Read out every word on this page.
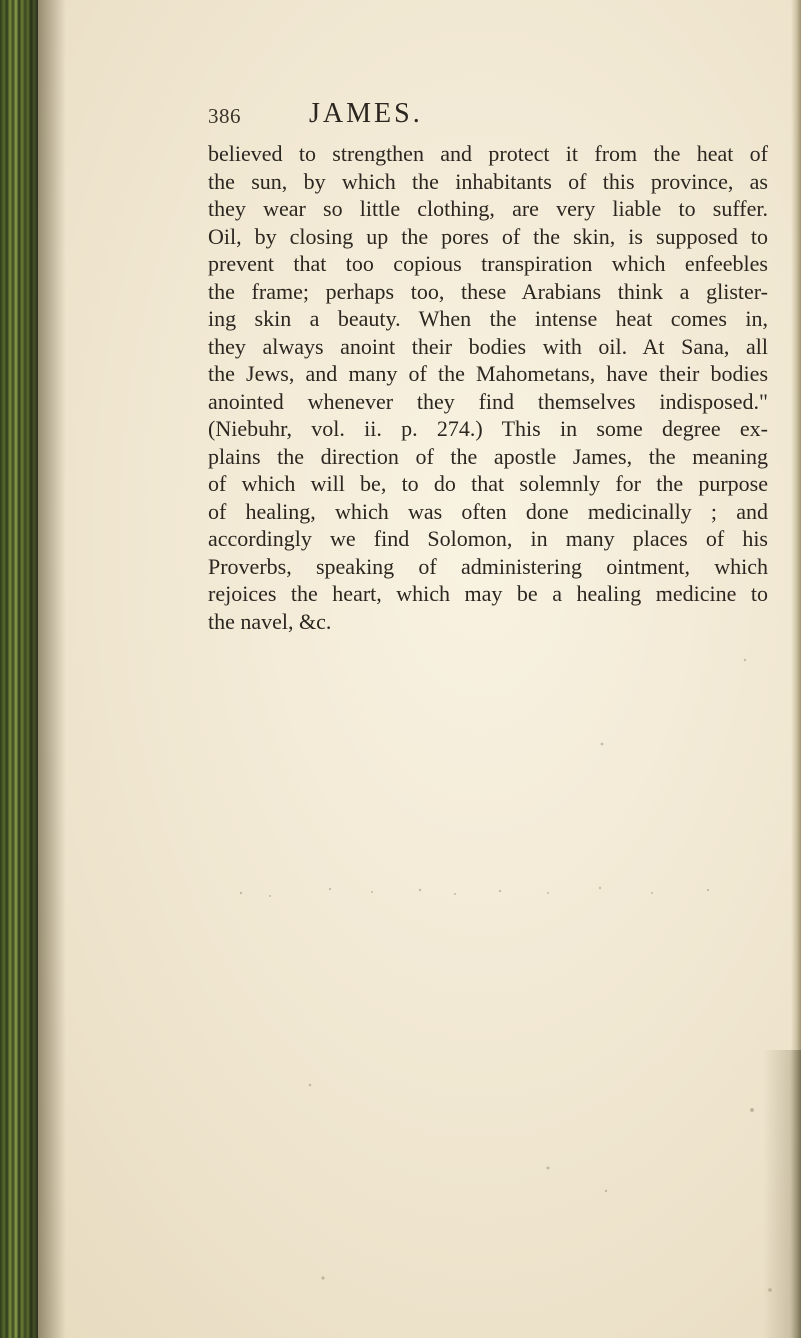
386 JAMES.
believed to strengthen and protect it from the heat of
the sun, by which the inhabitants of this province, as
they wear so little clothing, are very liable to suffer.
Oil, by closing up the pores of the skin, is supposed to
prevent that too copious transpiration which enfeebles
the frame; perhaps too, these Arabians think a glister-
ing skin a beauty. When the intense heat comes in,
they always anoint their bodies with oil. At Sana, all
the Jews, and many of the Mahometans, have their bodies
anointed whenever they find themselves indisposed."
(Niebuhr, vol. ii. p. 274.) This in some degree ex-
plains the direction of the apostle James, the meaning
of which will be, to do that solemnly for the purpose
of healing, which was often done medicinally ; and
accordingly we find Solomon, in many places of his
Proverbs, speaking of administering ointment, which
rejoices the heart, which may be a healing medicine to
the navel, &c.
